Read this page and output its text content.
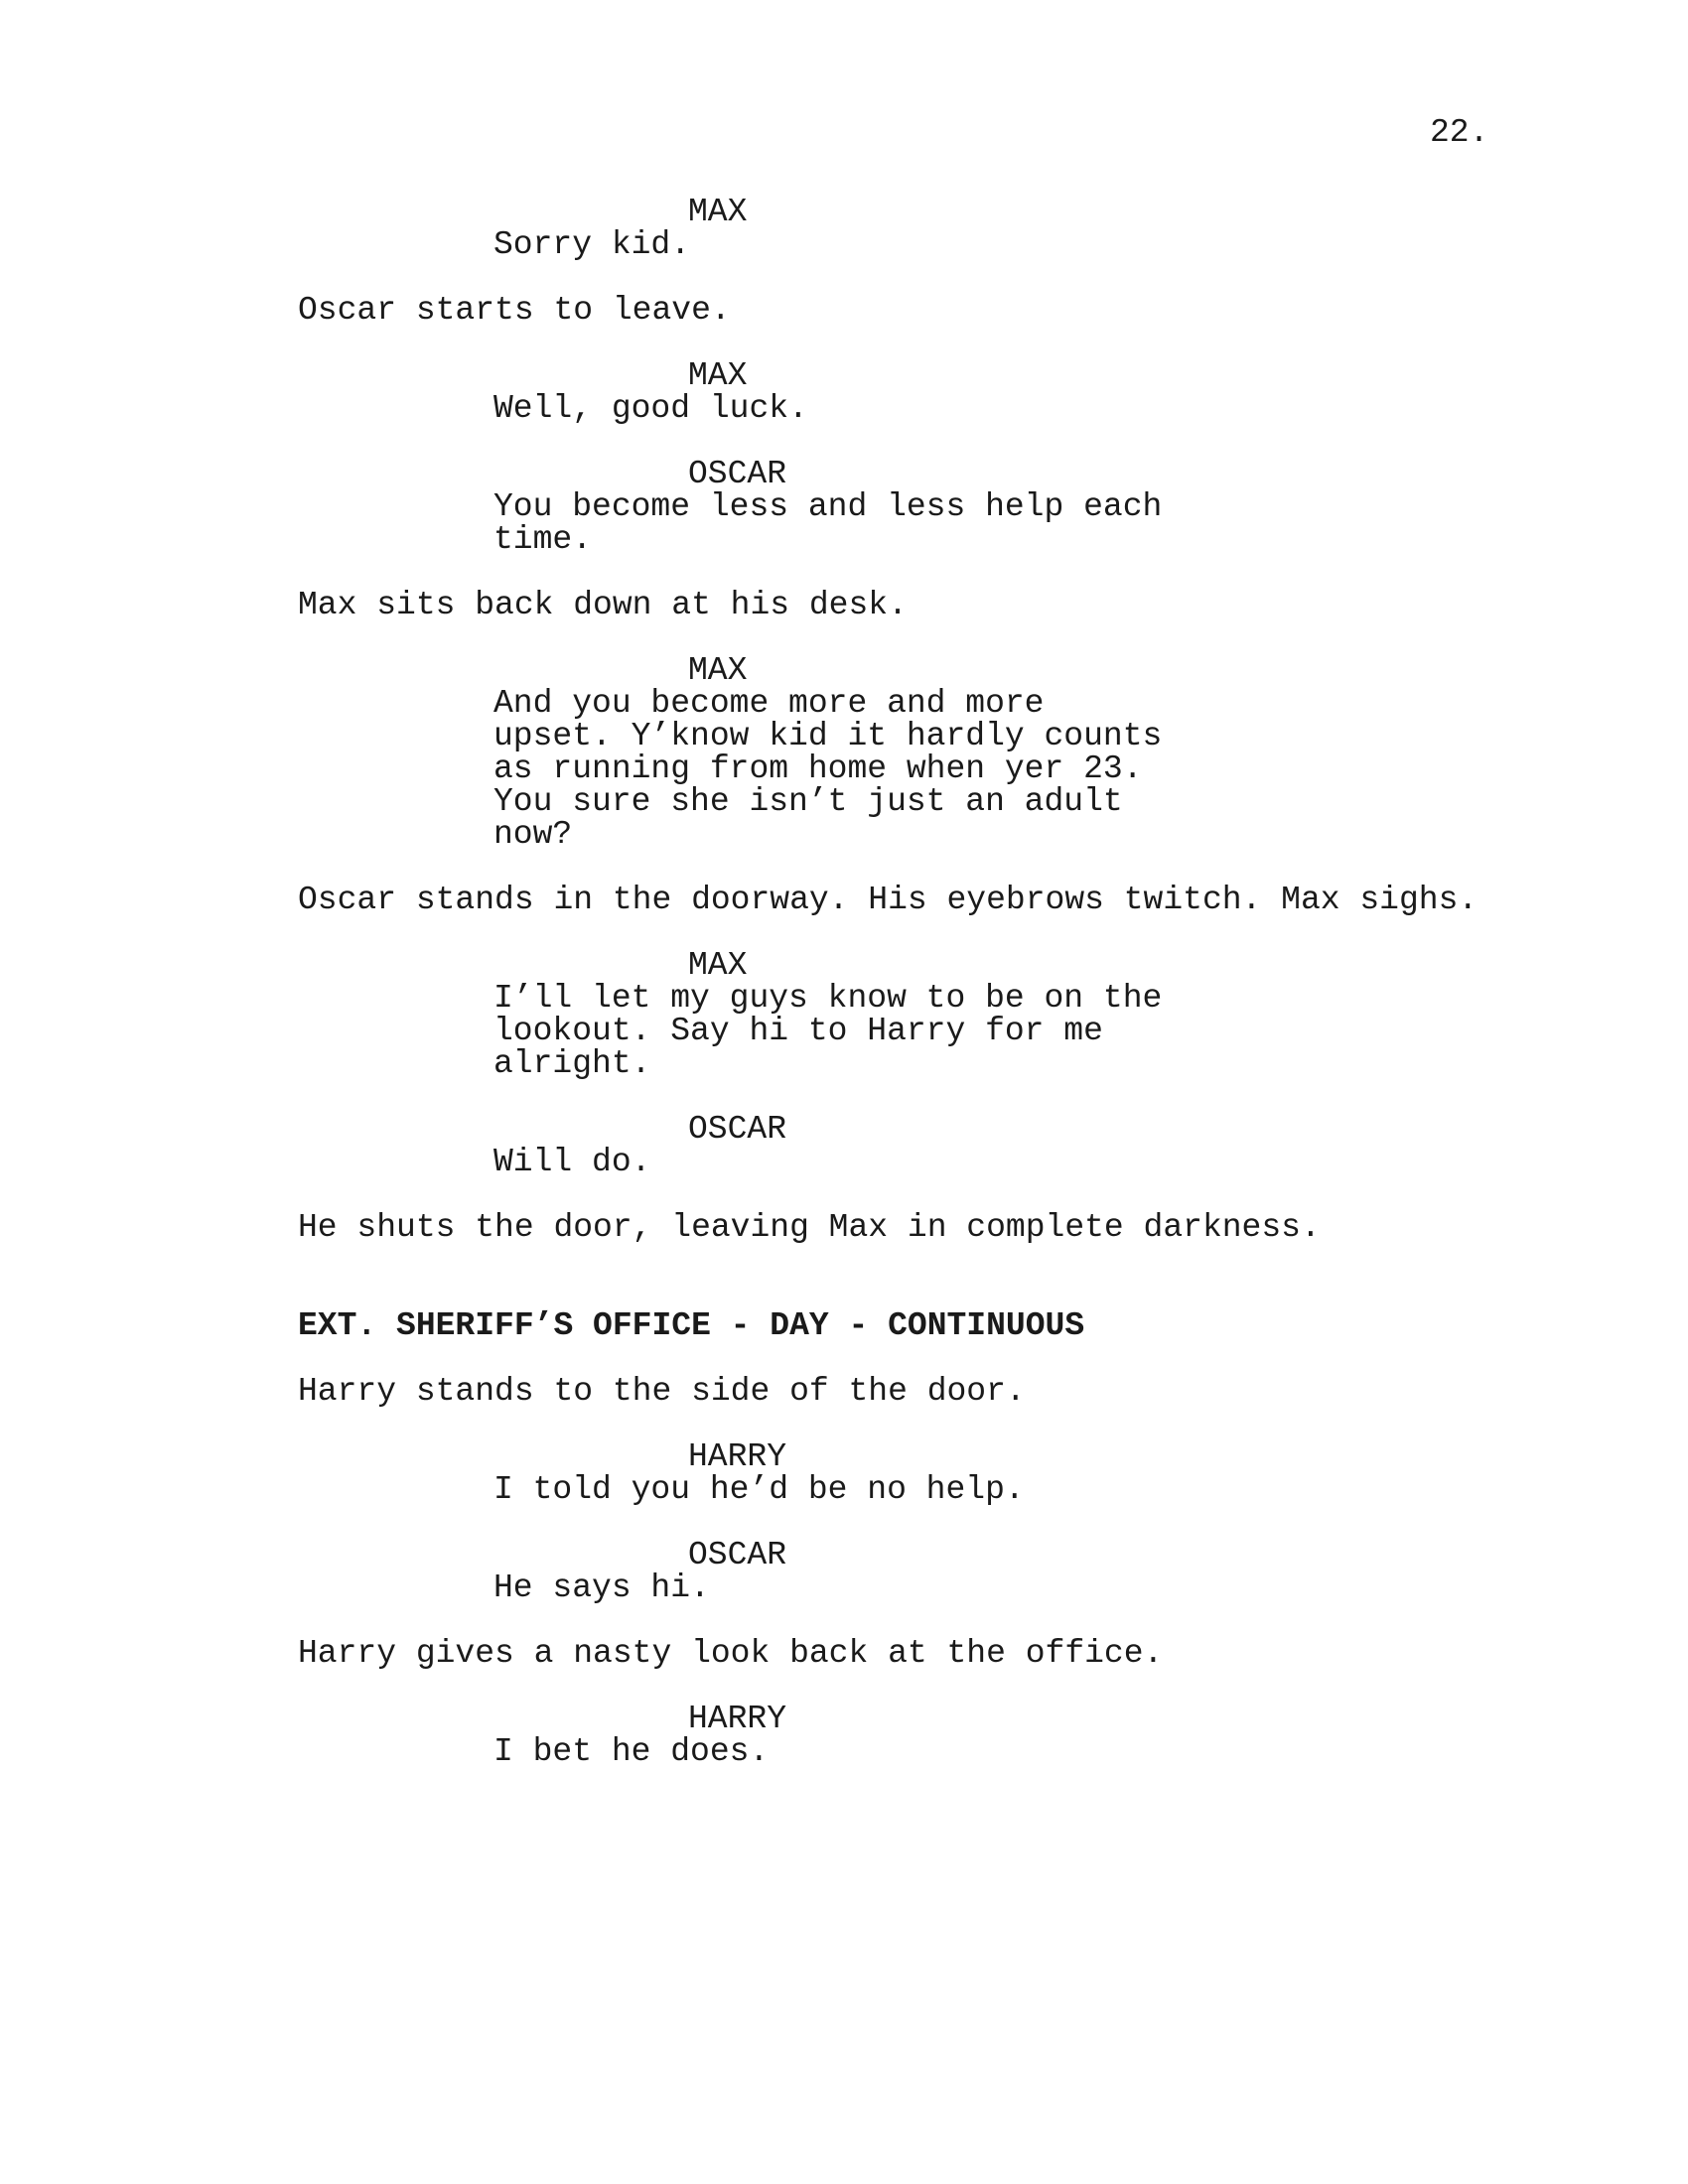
22.
MAX
Sorry kid.
Oscar starts to leave.
MAX
Well, good luck.
OSCAR
You become less and less help each
time.
Max sits back down at his desk.
MAX
And you become more and more
upset. Y’know kid it hardly counts
as running from home when yer 23.
You sure she isn’t just an adult
now?
Oscar stands in the doorway. His eyebrows twitch. Max sighs.
MAX
I’ll let my guys know to be on the
lookout. Say hi to Harry for me
alright.
OSCAR
Will do.
He shuts the door, leaving Max in complete darkness.
EXT. SHERIFF’S OFFICE - DAY - CONTINUOUS
Harry stands to the side of the door.
HARRY
I told you he’d be no help.
OSCAR
He says hi.
Harry gives a nasty look back at the office.
HARRY
I bet he does.
